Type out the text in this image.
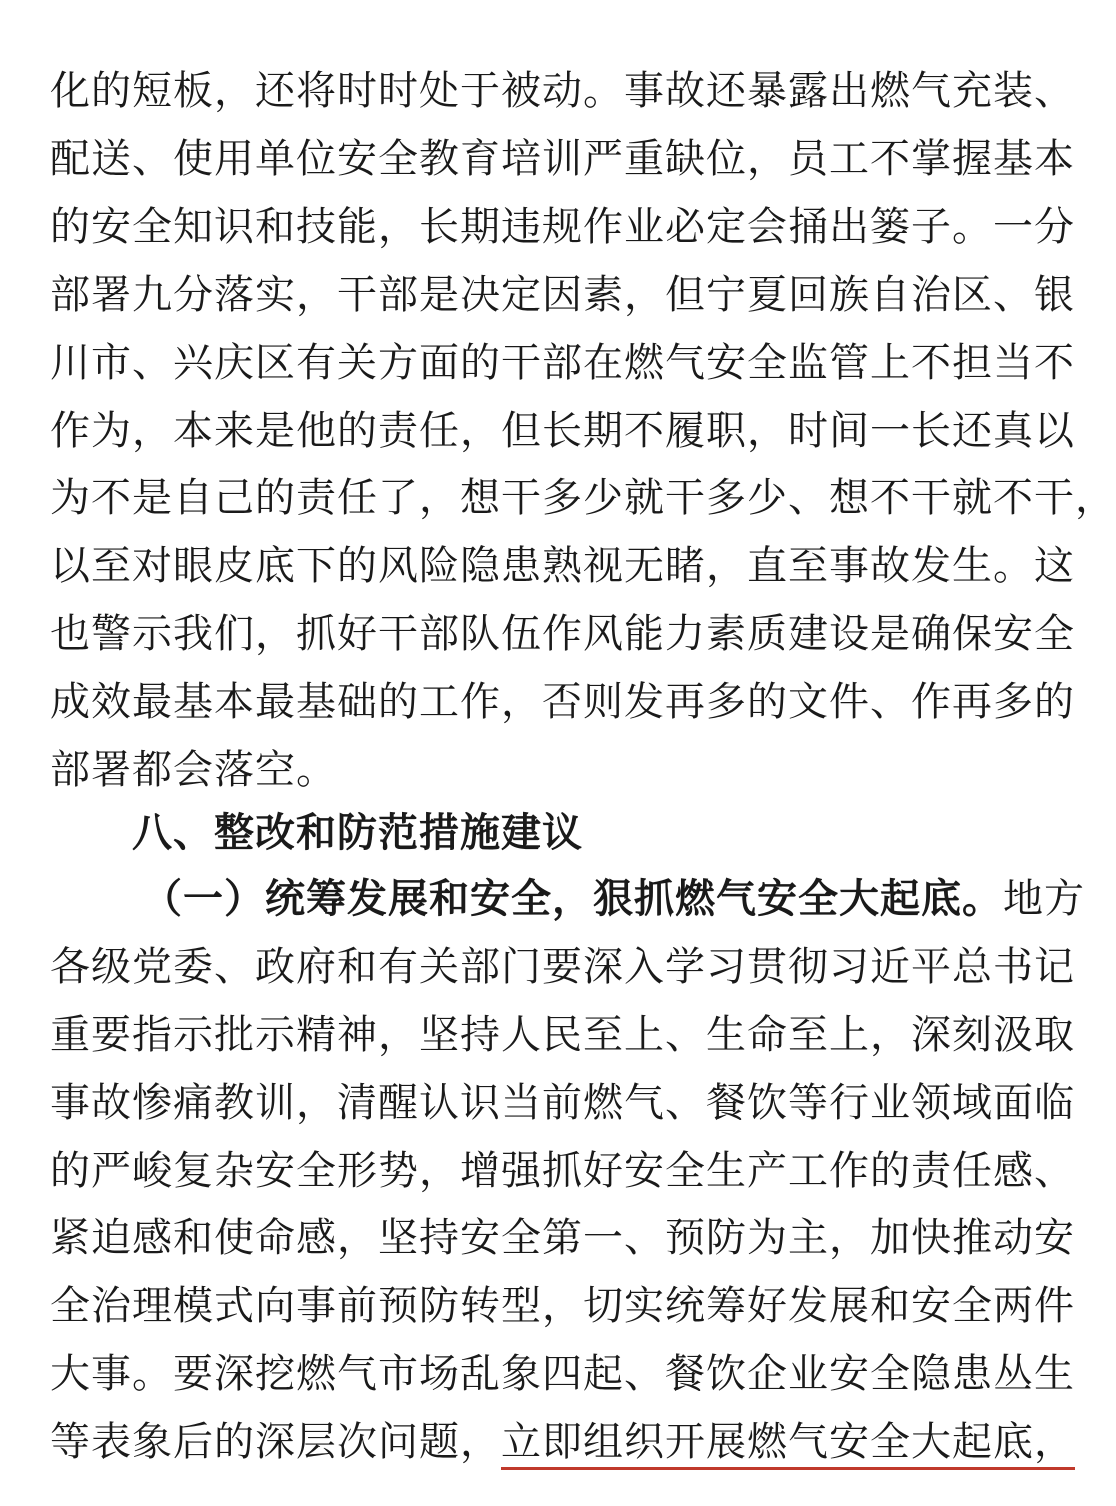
化的短板，还将时时处于被动。事故还暴露出燃气充装、
配送、使用单位安全教育培训严重缺位，员工不掌握基本
的安全知识和技能，长期违规作业必定会捅出篓子。一分
部署九分落实，干部是决定因素，但宁夏回族自治区、银
川市、兴庆区有关方面的干部在燃气安全监管上不担当不
作为，本来是他的责任，但长期不履职，时间一长还真以
为不是自己的责任了，想干多少就干多少、想不干就不干，
以至对眼皮底下的风险隐患熟视无睹，直至事故发生。这
也警示我们，抓好干部队伍作风能力素质建设是确保安全
成效最基本最基础的工作，否则发再多的文件、作再多的
部署都会落空。
八、整改和防范措施建议
（一）统筹发展和安全，狠抓燃气安全大起底。地方
各级党委、政府和有关部门要深入学习贯彻习近平总书记
重要指示批示精神，坚持人民至上、生命至上，深刻汲取
事故惨痛教训，清醒认识当前燃气、餐饮等行业领域面临
的严峻复杂安全形势，增强抓好安全生产工作的责任感、
紧迫感和使命感，坚持安全第一、预防为主，加快推动安
全治理模式向事前预防转型，切实统筹好发展和安全两件
大事。要深挖燃气市场乱象四起、餐饮企业安全隐患丛生
等表象后的深层次问题，立即组织开展燃气安全大起底，
